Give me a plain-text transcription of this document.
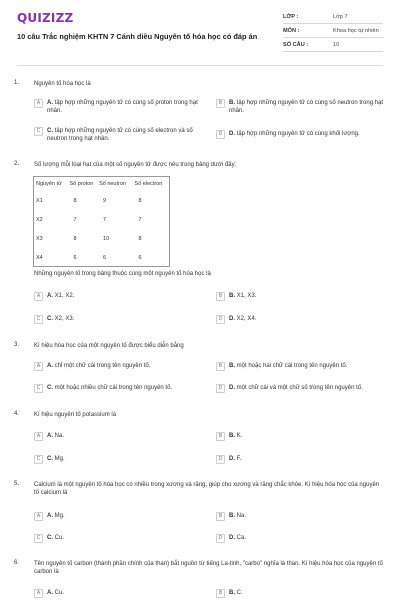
QUIZIZZ
10 câu Trắc nghiệm KHTN 7 Cánh diều Nguyên tố hóa học có đáp án
LỚP :	Lớp 7
MÔN :	Khoa học tự nhiên
SỐ CÂU :	10
1. Nguyên tố hóa học là
A	A. tập hợp những nguyên tử có cùng số proton trong hạt nhân.
B	B. tập hợp những nguyên tử có cùng số neutron trong hạt nhân.
C	C. tập hợp những nguyên tử có cùng số electron và số neutron trong hạt nhân.
D	D. tập hợp những nguyên tử có cùng khối lượng.
2. Số lượng mỗi loại hạt của một số nguyên tử được nêu trong bảng dưới đây:
Nguyên tử	Số proton	Số neutron	Số electron
X1	8	9	8
X2	7	7	7
X3	8	10	8
X4	6	6	6
Những nguyên tố trong bảng thuộc cùng một nguyên tố hóa học là
A	A. X1, X2.	B	B. X1, X3.
C	C. X2, X3.	D	D. X2, X4.
3. Kí hiệu hóa học của một nguyên tố được biểu diễn bằng
A	A. chỉ một chữ cái trong tên nguyên tố.	B	B. một hoặc hai chữ cái trong tên nguyên tố.
C	C. một hoặc nhiều chữ cái trong tên nguyên tố.	D	D. một chữ cái và một chữ số trong tên nguyên tố.
4. Kí hiệu nguyên tố potassium là
A	A. Na.	B	B. K.
C	C. Mg.	D	D. F.
5. Calcium là một nguyên tố hóa học có nhiều trong xương và răng, giúp cho xương và răng chắc khỏe. Kí hiệu hóa học của nguyên tố calcium là
A	A. Mg.	B	B. Na.
C	C. Cu.	D	D. Ca.
6. Tên nguyên tố carbon (thành phần chính của than) bắt nguồn từ tiếng La-tinh, "carbo" nghĩa là than. Kí hiệu hóa học của nguyên tố carbon là
A	A. Cu.	B	B. C.
